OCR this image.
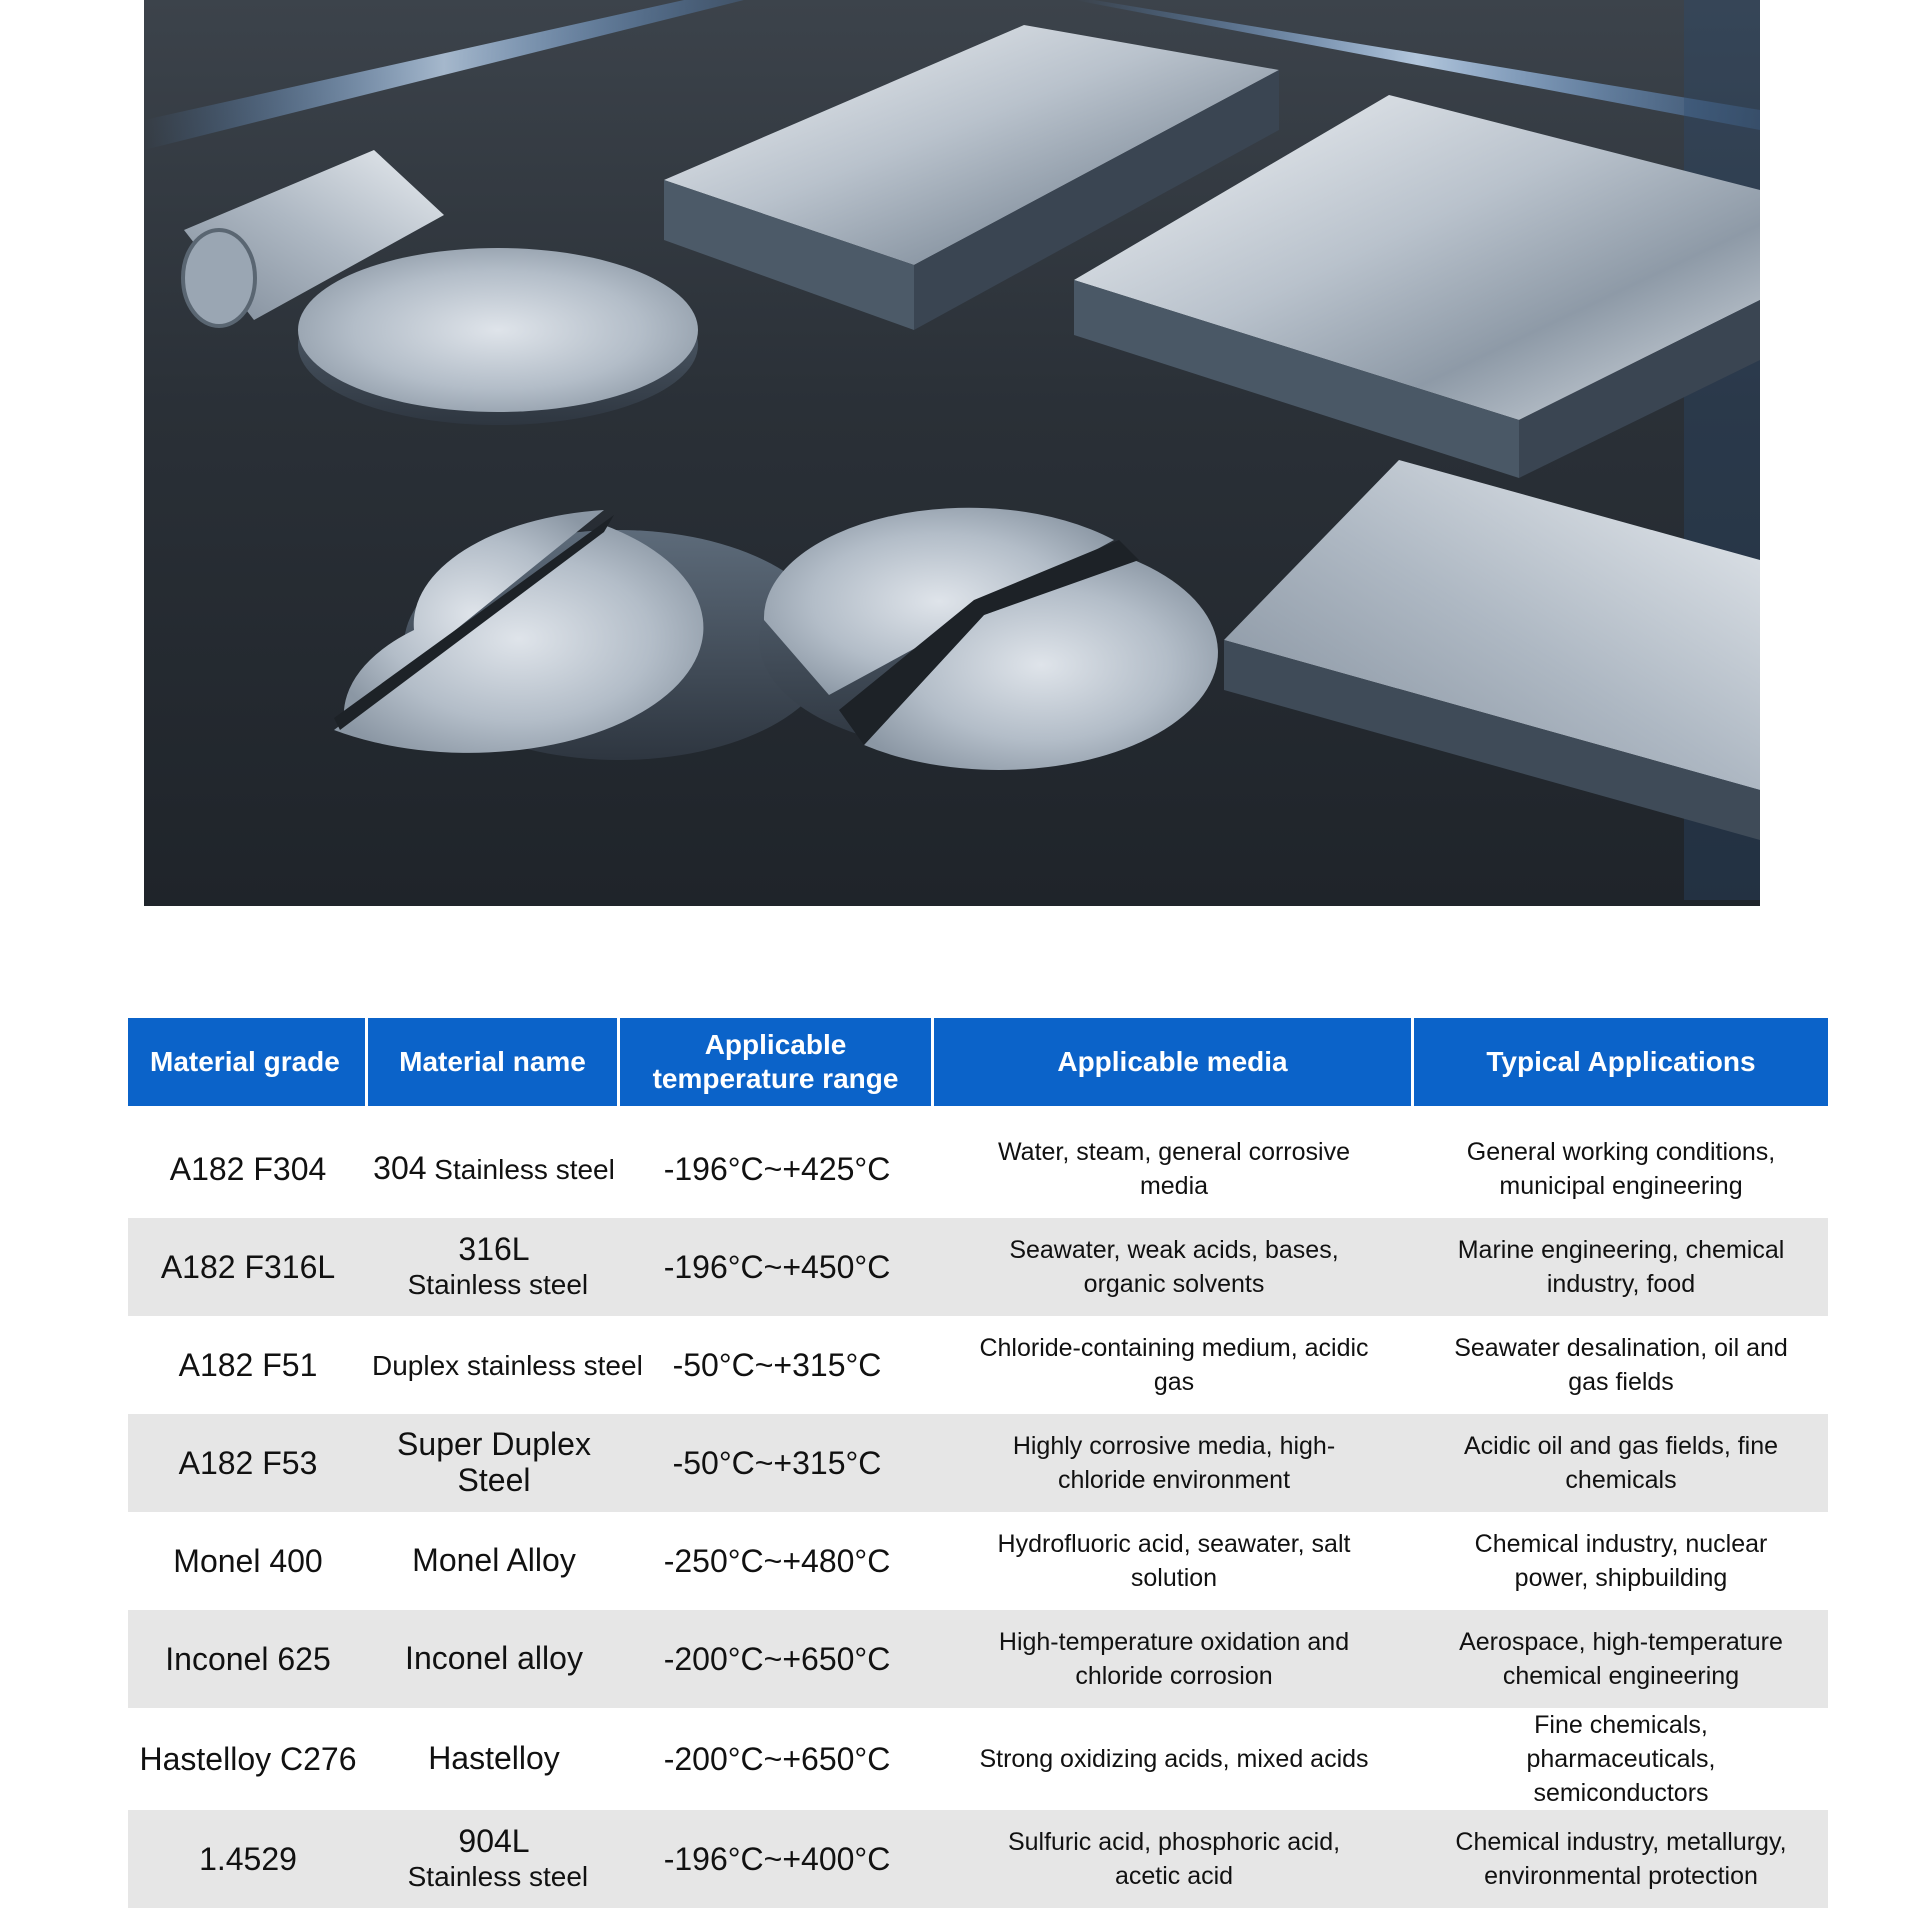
Material grade	Material name	Applicable temperature range	Applicable media	Typical Applications

A182 F304	304 Stainless steel	-196°C~+425°C	Water, steam, general corrosive media	General working conditions, municipal engineering
A182 F316L	316L Stainless steel	-196°C~+450°C	Seawater, weak acids, bases, organic solvents	Marine engineering, chemical industry, food
A182 F51	Duplex stainless steel	-50°C~+315°C	Chloride-containing medium, acidic gas	Seawater desalination, oil and gas fields
A182 F53	Super Duplex Steel	-50°C~+315°C	Highly corrosive media, high-chloride environment	Acidic oil and gas fields, fine chemicals
Monel 400	Monel Alloy	-250°C~+480°C	Hydrofluoric acid, seawater, salt solution	Chemical industry, nuclear power, shipbuilding
Inconel 625	Inconel alloy	-200°C~+650°C	High-temperature oxidation and chloride corrosion	Aerospace, high-temperature chemical engineering
Hastelloy C276	Hastelloy	-200°C~+650°C	Strong oxidizing acids, mixed acids	Fine chemicals, pharmaceuticals, semiconductors
1.4529	904L Stainless steel	-196°C~+400°C	Sulfuric acid, phosphoric acid, acetic acid	Chemical industry, metallurgy, environmental protection
